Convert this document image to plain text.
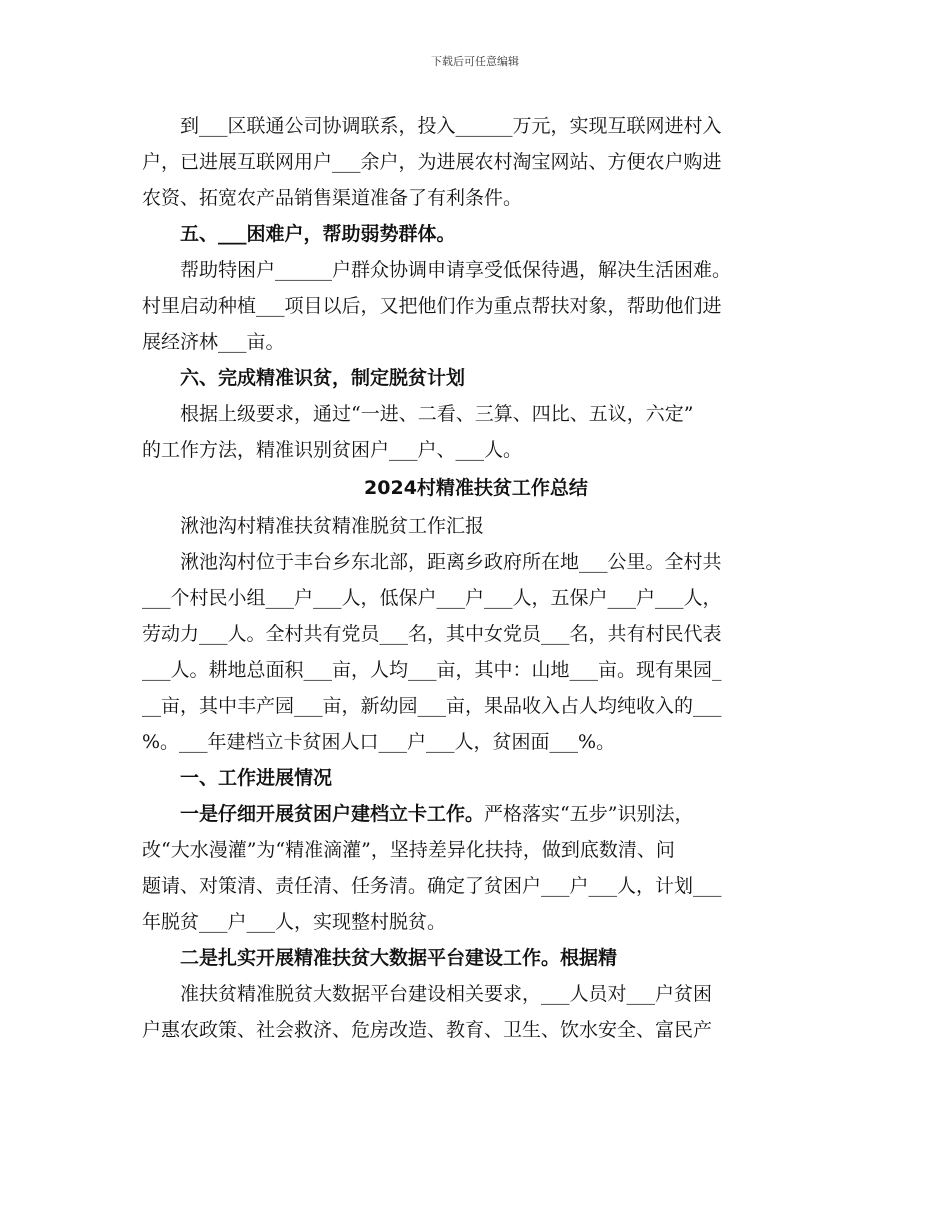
下载后可任意编辑

到___区联通公司协调联系，投入______万元，实现互联网进村入

户，已进展互联网用户___余户，为进展农村淘宝网站、方便农户购进

农资、拓宽农产品销售渠道准备了有利条件。

五、___困难户，帮助弱势群体。

帮助特困户______户群众协调申请享受低保待遇，解决生活困难。

村里启动种植___项目以后，又把他们作为重点帮扶对象，帮助他们进

展经济林___亩。

六、完成精准识贫，制定脱贫计划

根据上级要求，通过“一进、二看、三算、四比、五议，六定”

的工作方法，精准识别贫困户___户、___人。

2024村精准扶贫工作总结

湫池沟村精准扶贫精准脱贫工作汇报

湫池沟村位于丰台乡东北部，距离乡政府所在地___公里。全村共

___个村民小组___户___人，低保户___户___人，五保户___户___人，

劳动力___人。全村共有党员___名，其中女党员___名，共有村民代表

___人。耕地总面积___亩，人均___亩，其中：山地___亩。现有果园_

__亩，其中丰产园___亩，新幼园___亩，果品收入占人均纯收入的___

%。___年建档立卡贫困人口___户___人，贫困面___%。

一、工作进展情况

一是仔细开展贫困户建档立卡工作。严格落实“五步”识别法，

改“大水漫灌”为“精准滴灌”，坚持差异化扶持，做到底数清、问

题请、对策清、责任清、任务清。确定了贫困户___户___人，计划___

年脱贫___户___人，实现整村脱贫。

二是扎实开展精准扶贫大数据平台建设工作。根据精

准扶贫精准脱贫大数据平台建设相关要求，___人员对___户贫困

户惠农政策、社会救济、危房改造、教育、卫生、饮水安全、富民产
